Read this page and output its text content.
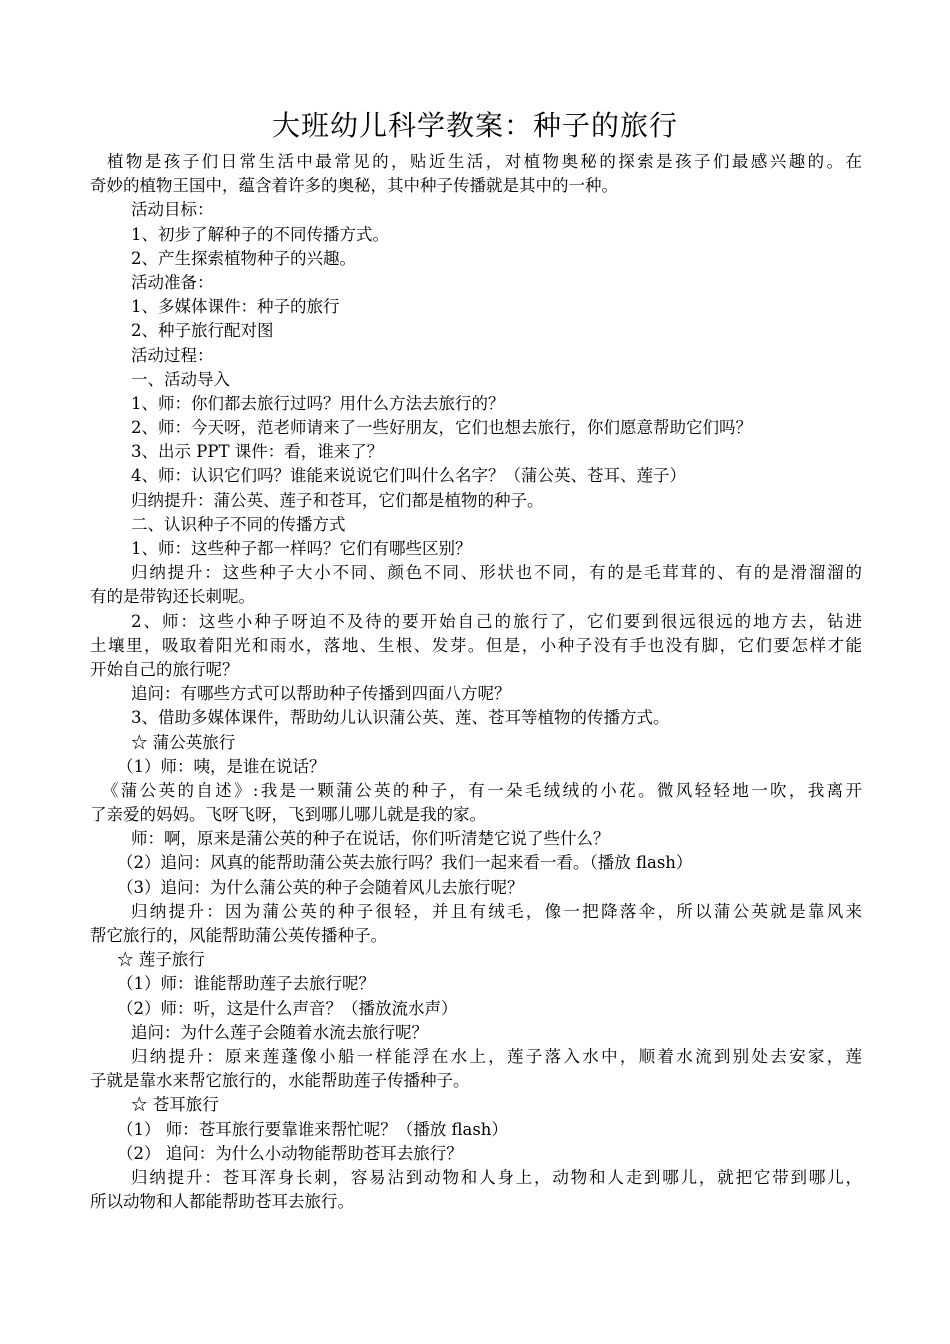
大班幼儿科学教案：种子的旅行
植物是孩子们日常生活中最常见的，贴近生活，对植物奥秘的探索是孩子们最感兴趣的。在
奇妙的植物王国中，蕴含着许多的奥秘，其中种子传播就是其中的一种。
活动目标：
1、初步了解种子的不同传播方式。
2、产生探索植物种子的兴趣。
活动准备：
1、多媒体课件：种子的旅行
2、种子旅行配对图
活动过程：
一、活动导入
1、师：你们都去旅行过吗？用什么方法去旅行的？
2、师：今天呀，范老师请来了一些好朋友，它们也想去旅行，你们愿意帮助它们吗？
3、出示 PPT 课件：看，谁来了？
4、师：认识它们吗？谁能来说说它们叫什么名字？（蒲公英、苍耳、莲子）
归纳提升：蒲公英、莲子和苍耳，它们都是植物的种子。
二、认识种子不同的传播方式
1、师：这些种子都一样吗？它们有哪些区别？
归纳提升：这些种子大小不同、颜色不同、形状也不同，有的是毛茸茸的、有的是滑溜溜的
有的是带钩还长刺呢。
2、师：这些小种子呀迫不及待的要开始自己的旅行了，它们要到很远很远的地方去，钻进
土壤里，吸取着阳光和雨水，落地、生根、发芽。但是，小种子没有手也没有脚，它们要怎样才能
开始自己的旅行呢？
追问：有哪些方式可以帮助种子传播到四面八方呢？
3、借助多媒体课件，帮助幼儿认识蒲公英、莲、苍耳等植物的传播方式。
☆ 蒲公英旅行
（1）师：咦，是谁在说话？
《蒲公英的自述》:我是一颗蒲公英的种子，有一朵毛绒绒的小花。微风轻轻地一吹，我离开
了亲爱的妈妈。飞呀飞呀，飞到哪儿哪儿就是我的家。
师：啊，原来是蒲公英的种子在说话，你们听清楚它说了些什么？
（2）追问：风真的能帮助蒲公英去旅行吗？我们一起来看一看。（播放 flash）
（3）追问：为什么蒲公英的种子会随着风儿去旅行呢？
归纳提升：因为蒲公英的种子很轻，并且有绒毛，像一把降落伞，所以蒲公英就是靠风来
帮它旅行的，风能帮助蒲公英传播种子。
☆ 莲子旅行
（1）师：谁能帮助莲子去旅行呢？
（2）师：听，这是什么声音？（播放流水声）
追问：为什么莲子会随着水流去旅行呢？
归纳提升：原来莲蓬像小船一样能浮在水上，莲子落入水中，顺着水流到别处去安家，莲
子就是靠水来帮它旅行的，水能帮助莲子传播种子。
☆ 苍耳旅行
（1） 师：苍耳旅行要靠谁来帮忙呢？（播放 flash）
（2） 追问：为什么小动物能帮助苍耳去旅行？
归纳提升：苍耳浑身长刺，容易沾到动物和人身上，动物和人走到哪儿，就把它带到哪儿，
所以动物和人都能帮助苍耳去旅行。
